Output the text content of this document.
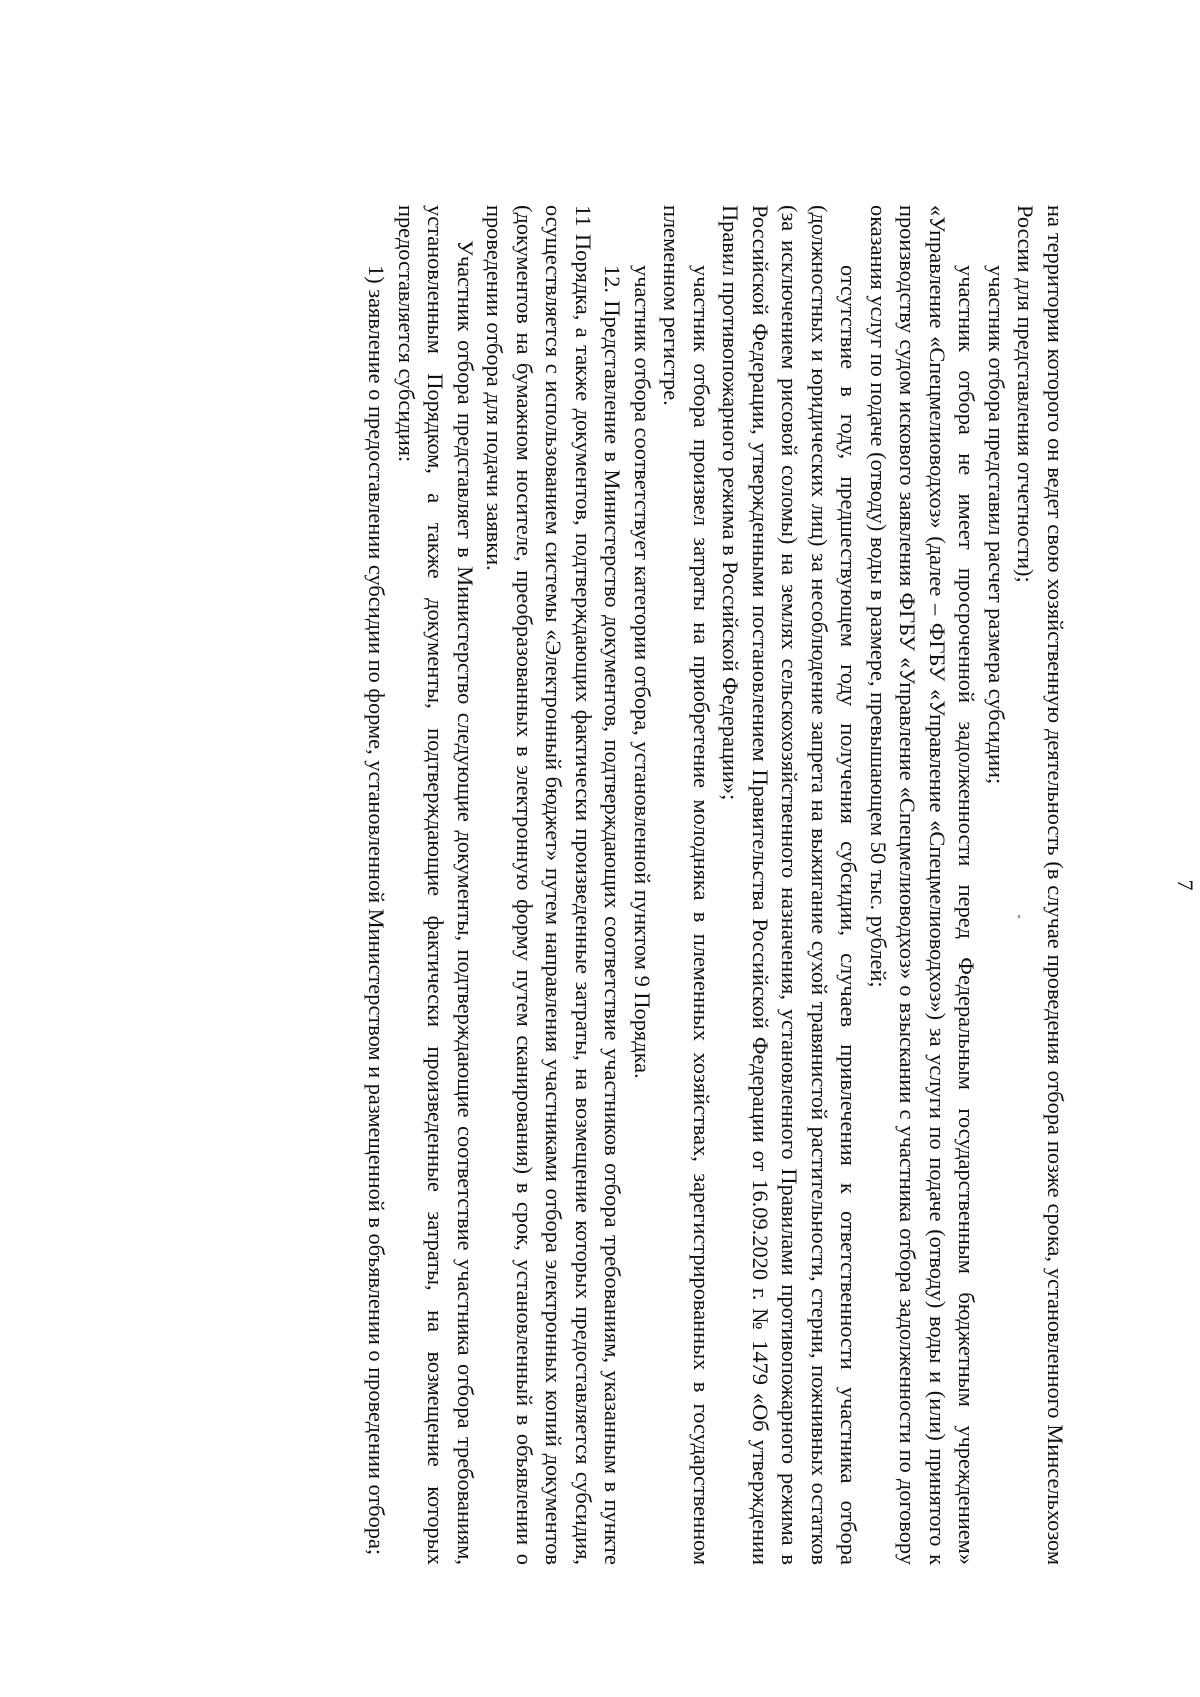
7

на территории которого он ведет свою хозяйственную деятельность (в случае проведения отбора позже срока, установленного Минсельхозом России для представления отчетности);

участник отбора представил расчет размера субсидии;

участник отбора не имеет просроченной задолженности перед Федеральным государственным бюджетным учреждением» «Управление «Спецмелиоводхоз» (далее – ФГБУ «Управление «Спецмелиоводхоз») за услуги по подаче (отводу) воды и (или) принятого к производству судом искового заявления ФГБУ «Управление «Спецмелиоводхоз» о взыскании с участника отбора задолженности по договору оказания услуг по подаче (отводу) воды в размере, превышающем 50 тыс. рублей;

отсутствие в году, предшествующем году получения субсидии, случаев привлечения к ответственности участника отбора (должностных и юридических лиц) за несоблюдение запрета на выжигание сухой травянистой растительности, стерни, пожнивных остатков (за исключением рисовой соломы) на землях сельскохозяйственного назначения, установленного Правилами противопожарного режима в Российской Федерации, утвержденными постановлением Правительства Российской Федерации от 16.09.2020 г. № 1479 «Об утверждении Правил противопожарного режима в Российской Федерации»;

участник отбора произвел затраты на приобретение молодняка в племенных хозяйствах, зарегистрированных в государственном племенном регистре.

участник отбора соответствует категории отбора, установленной пунктом 9 Порядка.

12. Представление в Министерство документов, подтверждающих соответствие участников отбора требованиям, указанным в пункте 11 Порядка, а также документов, подтверждающих фактически произведенные затраты, на возмещение которых предоставляется субсидия, осуществляется с использованием системы «Электронный бюджет» путем направления участниками отбора электронных копий документов (документов на бумажном носителе, преобразованных в электронную форму путем сканирования) в срок, установленный в объявлении о проведении отбора для подачи заявки.

Участник отбора представляет в Министерство следующие документы, подтверждающие соответствие участника отбора требованиям, установленным Порядком, а также документы, подтверждающие фактически произведенные затраты, на возмещение которых предоставляется субсидия:

1) заявление о предоставлении субсидии по форме, установленной Министерством и размещенной в объявлении о проведении отбора;
